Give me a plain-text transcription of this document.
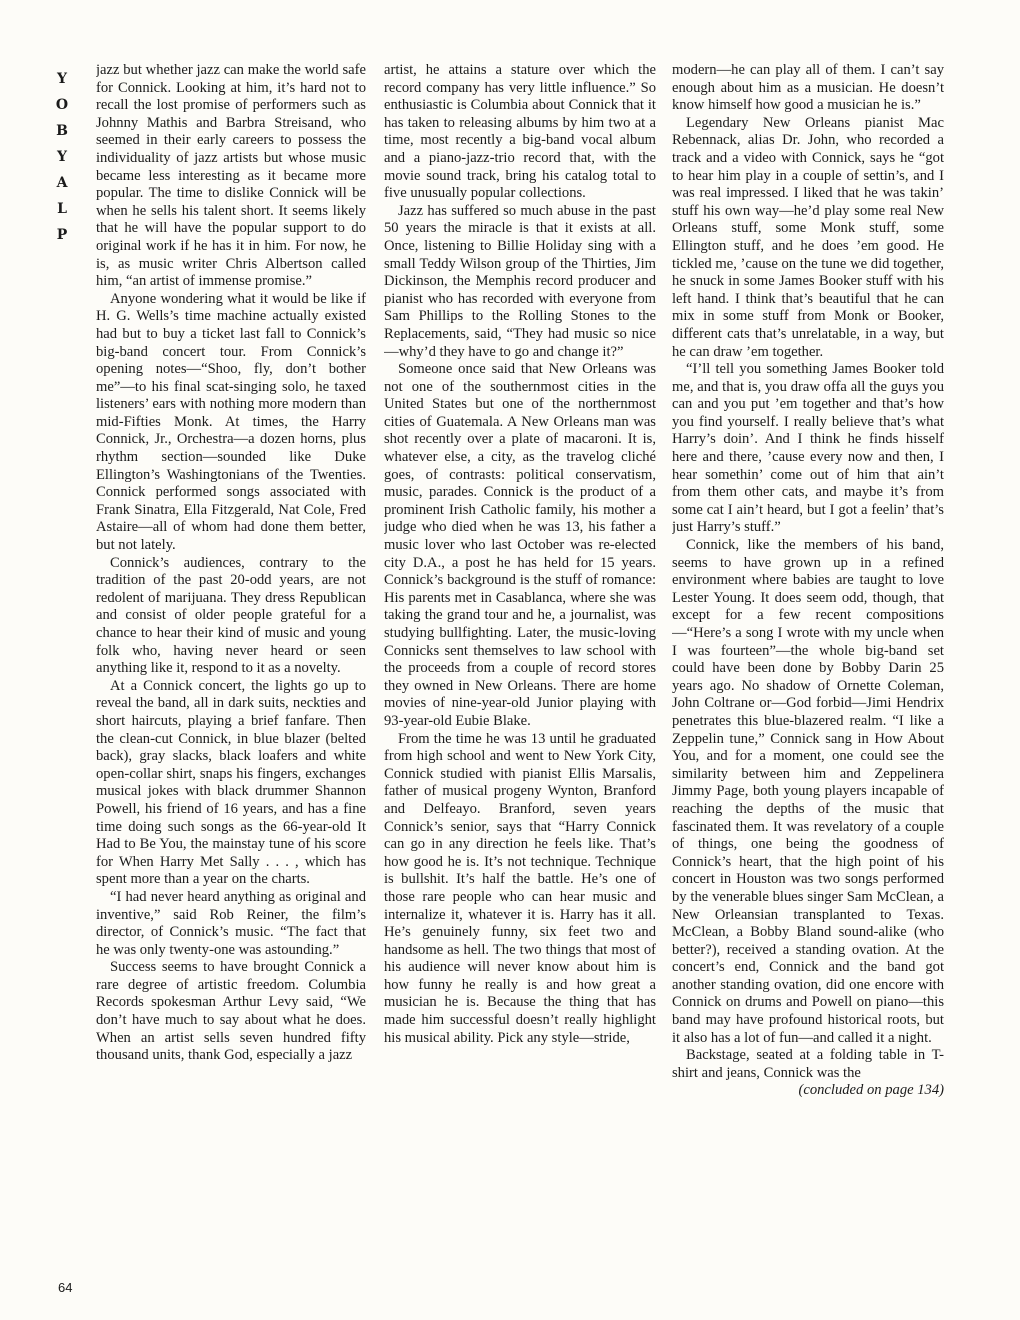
Y
O
B
Y
A
L
P

jazz but whether jazz can make the world safe for Connick. Looking at him, it’s hard not to recall the lost promise of performers such as Johnny Mathis and Barbra Streisand, who seemed in their early careers to possess the individuality of jazz artists but whose music became less interesting as it became more popular. The time to dislike Connick will be when he sells his talent short. It seems likely that he will have the popular support to do original work if he has it in him. For now, he is, as music writer Chris Albertson called him, “an artist of immense promise.”

Anyone wondering what it would be like if H. G. Wells’s time machine actually existed had but to buy a ticket last fall to Connick’s big-band concert tour. From Connick’s opening notes—“Shoo, fly, don’t bother me”—to his final scat-singing solo, he taxed listeners’ ears with nothing more modern than mid-Fifties Monk. At times, the Harry Connick, Jr., Orchestra—a dozen horns, plus rhythm section—sounded like Duke Ellington’s Washingtonians of the Twenties. Connick performed songs associated with Frank Sinatra, Ella Fitzgerald, Nat Cole, Fred Astaire—all of whom had done them better, but not lately.

Connick’s audiences, contrary to the tradition of the past 20-odd years, are not redolent of marijuana. They dress Republican and consist of older people grateful for a chance to hear their kind of music and young folk who, having never heard or seen anything like it, respond to it as a novelty.

At a Connick concert, the lights go up to reveal the band, all in dark suits, neckties and short haircuts, playing a brief fanfare. Then the clean-cut Connick, in blue blazer (belted back), gray slacks, black loafers and white open-collar shirt, snaps his fingers, exchanges musical jokes with black drummer Shannon Powell, his friend of 16 years, and has a fine time doing such songs as the 66-year-old It Had to Be You, the mainstay tune of his score for When Harry Met Sally . . . , which has spent more than a year on the charts.

“I had never heard anything as original and inventive,” said Rob Reiner, the film’s director, of Connick’s music. “The fact that he was only twenty-one was astounding.”

Success seems to have brought Connick a rare degree of artistic freedom. Columbia Records spokesman Arthur Levy said, “We don’t have much to say about what he does. When an artist sells seven hundred fifty thousand units, thank God, especially a jazz

artist, he attains a stature over which the record company has very little influence.” So enthusiastic is Columbia about Connick that it has taken to releasing albums by him two at a time, most recently a big-band vocal album and a piano-jazz-trio record that, with the movie sound track, bring his catalog total to five unusually popular collections.

Jazz has suffered so much abuse in the past 50 years the miracle is that it exists at all. Once, listening to Billie Holiday sing with a small Teddy Wilson group of the Thirties, Jim Dickinson, the Memphis record producer and pianist who has recorded with everyone from Sam Phillips to the Rolling Stones to the Replacements, said, “They had music so nice—why’d they have to go and change it?”

Someone once said that New Orleans was not one of the southernmost cities in the United States but one of the northernmost cities of Guatemala. A New Orleans man was shot recently over a plate of macaroni. It is, whatever else, a city, as the travelog cliché goes, of contrasts: political conservatism, music, parades. Connick is the product of a prominent Irish Catholic family, his mother a judge who died when he was 13, his father a music lover who last October was re-elected city D.A., a post he has held for 15 years. Connick’s background is the stuff of romance: His parents met in Casablanca, where she was taking the grand tour and he, a journalist, was studying bullfighting. Later, the music-loving Connicks sent themselves to law school with the proceeds from a couple of record stores they owned in New Orleans. There are home movies of nine-year-old Junior playing with 93-year-old Eubie Blake.

From the time he was 13 until he graduated from high school and went to New York City, Connick studied with pianist Ellis Marsalis, father of musical progeny Wynton, Branford and Delfeayo. Branford, seven years Connick’s senior, says that “Harry Connick can go in any direction he feels like. That’s how good he is. It’s not technique. Technique is bullshit. It’s half the battle. He’s one of those rare people who can hear music and internalize it, whatever it is. Harry has it all. He’s genuinely funny, six feet two and handsome as hell. The two things that most of his audience will never know about him is how funny he really is and how great a musician he is. Because the thing that has made him successful doesn’t really highlight his musical ability. Pick any style—stride,

modern—he can play all of them. I can’t say enough about him as a musician. He doesn’t know himself how good a musician he is.”

Legendary New Orleans pianist Mac Rebennack, alias Dr. John, who recorded a track and a video with Connick, says he “got to hear him play in a couple of settin’s, and I was real impressed. I liked that he was takin’ stuff his own way—he’d play some real New Orleans stuff, some Monk stuff, some Ellington stuff, and he does ’em good. He tickled me, ’cause on the tune we did together, he snuck in some James Booker stuff with his left hand. I think that’s beautiful that he can mix in some stuff from Monk or Booker, different cats that’s unrelatable, in a way, but he can draw ’em together.

“I’ll tell you something James Booker told me, and that is, you draw offa all the guys you can and you put ’em together and that’s how you find yourself. I really believe that’s what Harry’s doin’. And I think he finds hisself here and there, ’cause every now and then, I hear somethin’ come out of him that ain’t from them other cats, and maybe it’s from some cat I ain’t heard, but I got a feelin’ that’s just Harry’s stuff.”

Connick, like the members of his band, seems to have grown up in a refined environment where babies are taught to love Lester Young. It does seem odd, though, that except for a few recent compositions—“Here’s a song I wrote with my uncle when I was fourteen”—the whole big-band set could have been done by Bobby Darin 25 years ago. No shadow of Ornette Coleman, John Coltrane or—God forbid—Jimi Hendrix penetrates this blue-blazered realm. “I like a Zeppelin tune,” Connick sang in How About You, and for a moment, one could see the similarity between him and Zeppelinera Jimmy Page, both young players incapable of reaching the depths of the music that fascinated them. It was revelatory of a couple of things, one being the goodness of Connick’s heart, that the high point of his concert in Houston was two songs performed by the venerable blues singer Sam McClean, a New Orleansian transplanted to Texas. McClean, a Bobby Bland sound-alike (who better?), received a standing ovation. At the concert’s end, Connick and the band got another standing ovation, did one encore with Connick on drums and Powell on piano—this band may have profound historical roots, but it also has a lot of fun—and called it a night.

Backstage, seated at a folding table in T-shirt and jeans, Connick was the

(concluded on page 134)

64
